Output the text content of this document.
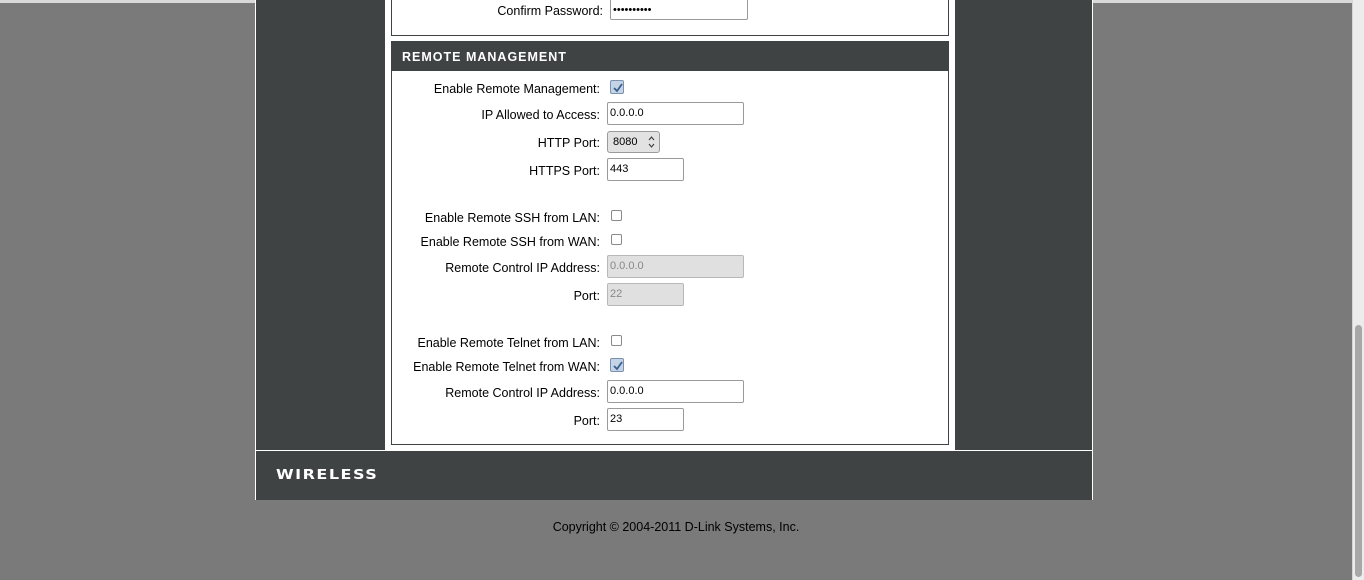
Confirm Password: ••••••••••
REMOTE MANAGEMENT
Enable Remote Management:
IP Allowed to Access: 0.0.0.0
HTTP Port:	8080
HTTPS Port: 443
Enable Remote SSH from LAN:
Enable Remote SSH from WAN:
Remote Control IP Address: 0.0.0.0
Port: 22
Enable Remote Telnet from LAN:
Enable Remote Telnet from WAN:
Remote Control IP Address: 0.0.0.0
Port: 23
WIRELESS
Copyright © 2004-2011 D-Link Systems, Inc.
